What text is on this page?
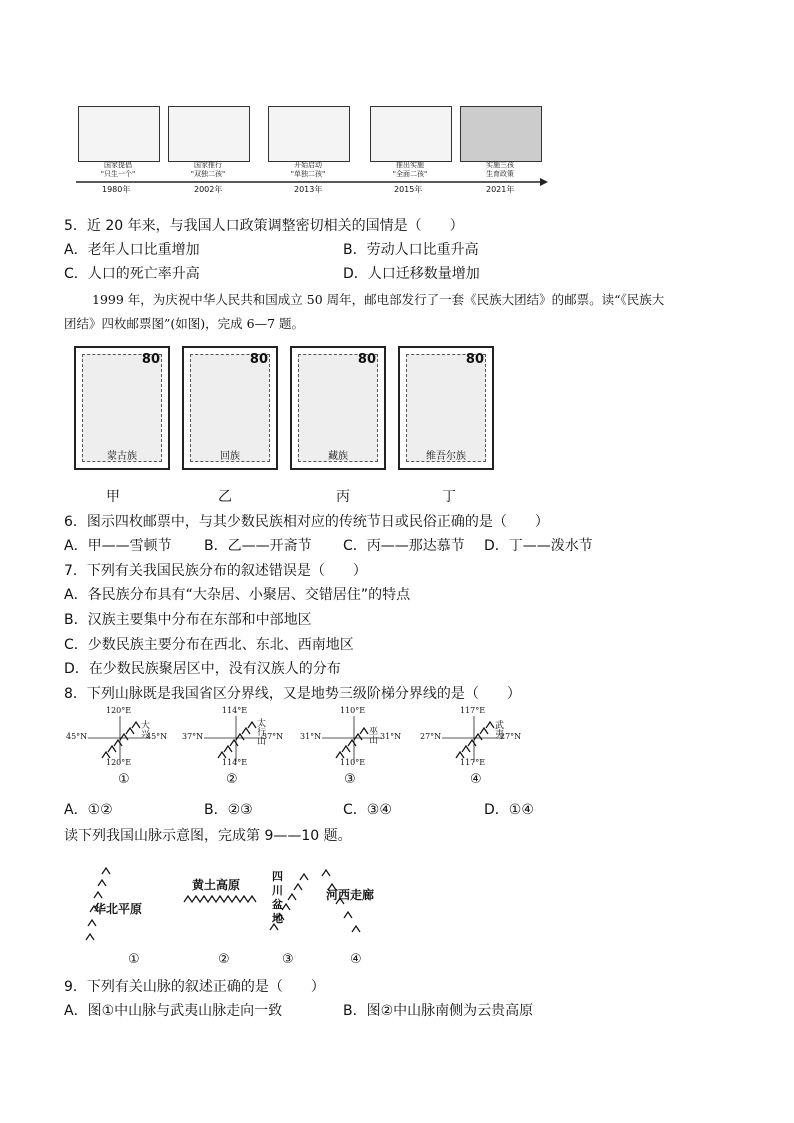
国家提倡
"只生一个"
国家推行
"双独二孩"
开始启动
"单独二孩"
推出实施
"全面二孩"
实施三孩
生育政策
1980年	2002年	2013年	2015年	2021年
5．近 20 年来，与我国人口政策调整密切相关的国情是（　　）
A．老年人口比重增加	B．劳动人口比重升高
C．人口的死亡率升高	D．人口迁移数量增加
1999 年，为庆祝中华人民共和国成立 50 周年，邮电部发行了一套《民族大团结》的邮票。读“《民族大
团结》四枚邮票图”(如图)，完成 6—7 题。
80
蒙古族
80
回族
80
藏族
80
维吾尔族
甲	乙	丙	丁
6．图示四枚邮票中，与其少数民族相对应的传统节日或民俗正确的是（　　）
A．甲——雪顿节 B．乙——开斋节 C．丙——那达慕节 D．丁——泼水节
7．下列有关我国民族分布的叙述错误是（　　）
A．各民族分布具有“大杂居、小聚居、交错居住”的特点
B．汉族主要集中分布在东部和中部地区
C．少数民族主要分布在西北、东北、西南地区
D．在少数民族聚居区中，没有汉族人的分布
8．下列山脉既是我国省区分界线，又是地势三级阶梯分界线的是（　　）
120°E
45°N	45°N
120°E
大兴
①
114°E
37°N	37°N
114°E
太行山
②
110°E
31°N	31°N
110°E
巫山
③
117°E
27°N	27°N
117°E
武夷
④
A．①②	B．②③	C．③④	D．①④
读下列我国山脉示意图，完成第 9——10 题。
华北平原
黄土高原
四
川
盆
地
河西走廊
①	②	③	④
9．下列有关山脉的叙述正确的是（　　）
A．图①中山脉与武夷山脉走向一致	B．图②中山脉南侧为云贵高原
